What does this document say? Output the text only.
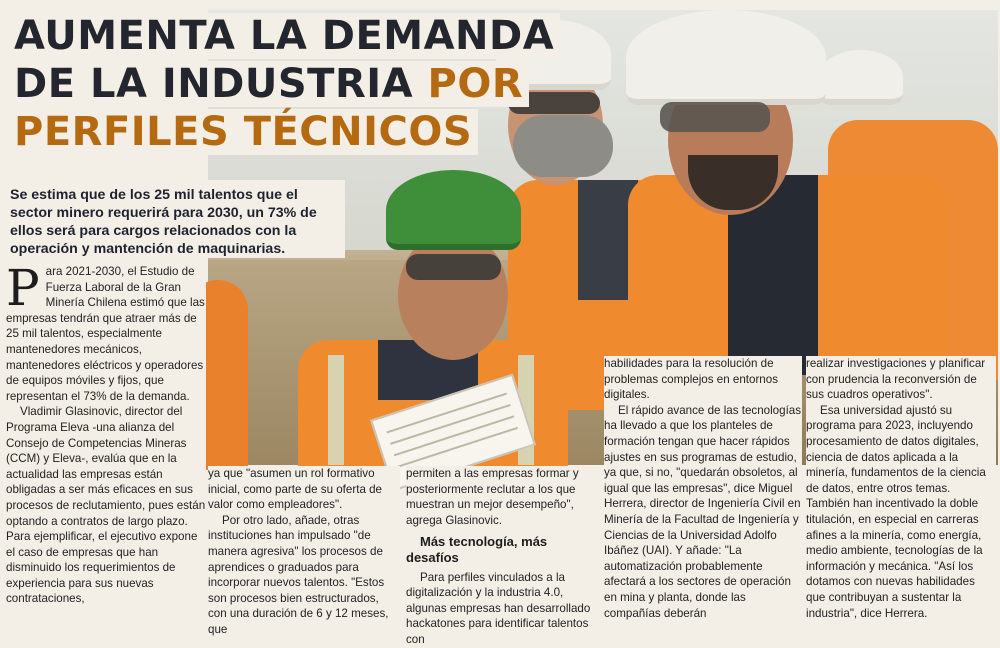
AUMENTA LA DEMANDA
DE LA INDUSTRIA POR
PERFILES TÉCNICOS

Se estima que de los 25 mil talentos que el sector minero requerirá para 2030, un 73% de ellos será para cargos relacionados con la operación y mantención de maquinarias.

Para 2021-2030, el Estudio de Fuerza Laboral de la Gran Minería Chilena estimó que las empresas tendrán que atraer más de 25 mil talentos, especialmente mantenedores mecánicos, mantenedores eléctricos y operadores de equipos móviles y fijos, que representan el 73% de la demanda.

Vladimir Glasinovic, director del Programa Eleva -una alianza del Consejo de Competencias Mineras (CCM) y Eleva-, evalúa que en la actualidad las empresas están obligadas a ser más eficaces en sus procesos de reclutamiento, pues están optando a contratos de largo plazo. Para ejemplificar, el ejecutivo expone el caso de empresas que han disminuido los requerimientos de experiencia para sus nuevas contrataciones,

ya que "asumen un rol formativo inicial, como parte de su oferta de valor como empleadores".

Por otro lado, añade, otras instituciones han impulsado "de manera agresiva" los procesos de aprendices o graduados para incorporar nuevos talentos. "Estos son procesos bien estructurados, con una duración de 6 y 12 meses, que

permiten a las empresas formar y posteriormente reclutar a los que muestran un mejor desempeño", agrega Glasinovic.

Más tecnología, más desafíos

Para perfiles vinculados a la digitalización y la industria 4.0, algunas empresas han desarrollado hackatones para identificar talentos con

habilidades para la resolución de problemas complejos en entornos digitales.

El rápido avance de las tecnologías ha llevado a que los planteles de formación tengan que hacer rápidos ajustes en sus programas de estudio, ya que, si no, "quedarán obsoletos, al igual que las empresas", dice Miguel Herrera, director de Ingeniería Civil en Minería de la Facultad de Ingeniería y Ciencias de la Universidad Adolfo Ibáñez (UAI). Y añade: "La automatización probablemente afectará a los sectores de operación en mina y planta, donde las compañías deberán

realizar investigaciones y planificar con prudencia la reconversión de sus cuadros operativos".

Esa universidad ajustó su programa para 2023, incluyendo procesamiento de datos digitales, ciencia de datos aplicada a la minería, fundamentos de la ciencia de datos, entre otros temas. También han incentivado la doble titulación, en especial en carreras afines a la minería, como energía, medio ambiente, tecnologías de la información y mecánica. "Así los dotamos con nuevas habilidades que contribuyan a sustentar la industria", dice Herrera.
